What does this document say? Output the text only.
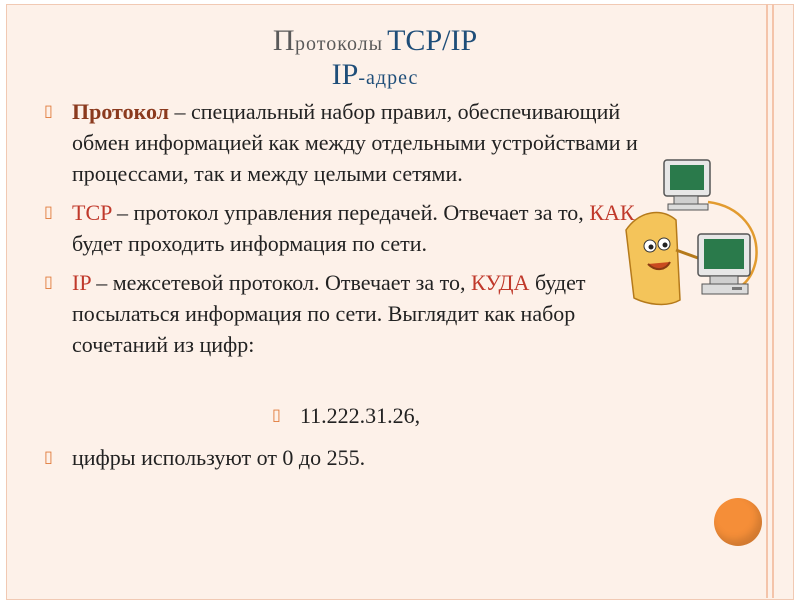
Протоколы TCP/IP
IP-адрес
▯ Протокол – специальный набор правил, обеспечивающий обмен информацией как между отдельными устройствами и процессами, так и между целыми сетями.
▯ TCP – протокол управления передачей. Отвечает за то, КАК будет проходить информация по сети.
▯ IP – межсетевой протокол. Отвечает за то, КУДА будет посылаться информация по сети. Выглядит как набор сочетаний из цифр:
▯ 11.222.31.26,
▯ цифры используют от 0 до 255.
